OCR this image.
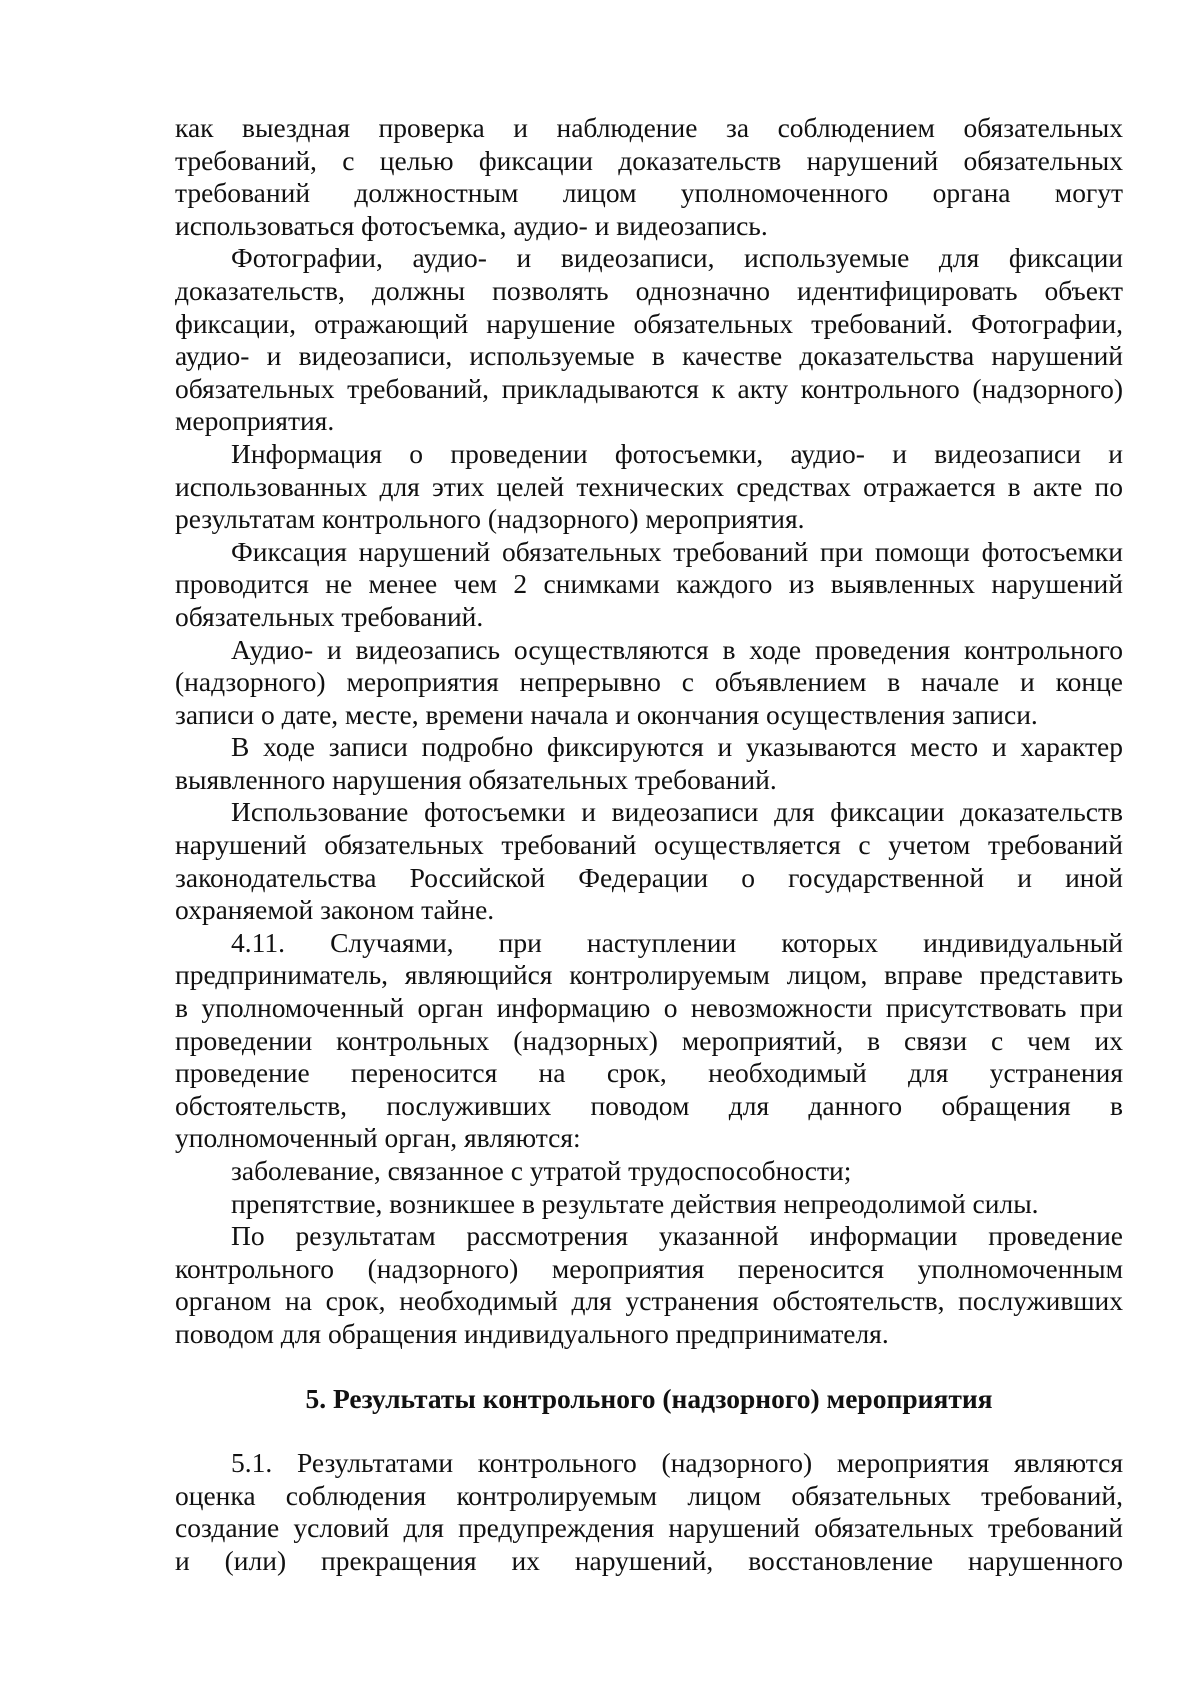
как выездная проверка и наблюдение за соблюдением обязательных
требований, с целью фиксации доказательств нарушений обязательных
требований должностным лицом уполномоченного органа могут
использоваться фотосъемка, аудио- и видеозапись.
Фотографии, аудио- и видеозаписи, используемые для фиксации
доказательств, должны позволять однозначно идентифицировать объект
фиксации, отражающий нарушение обязательных требований. Фотографии,
аудио- и видеозаписи, используемые в качестве доказательства нарушений
обязательных требований, прикладываются к акту контрольного (надзорного)
мероприятия.
Информация о проведении фотосъемки, аудио- и видеозаписи и
использованных для этих целей технических средствах отражается в акте по
результатам контрольного (надзорного) мероприятия.
Фиксация нарушений обязательных требований при помощи фотосъемки
проводится не менее чем 2 снимками каждого из выявленных нарушений
обязательных требований.
Аудио- и видеозапись осуществляются в ходе проведения контрольного
(надзорного) мероприятия непрерывно с объявлением в начале и конце
записи о дате, месте, времени начала и окончания осуществления записи.
В ходе записи подробно фиксируются и указываются место и характер
выявленного нарушения обязательных требований.
Использование фотосъемки и видеозаписи для фиксации доказательств
нарушений обязательных требований осуществляется с учетом требований
законодательства Российской Федерации о государственной и иной
охраняемой законом тайне.
4.11. Случаями, при наступлении которых индивидуальный
предприниматель, являющийся контролируемым лицом, вправе представить
в уполномоченный орган информацию о невозможности присутствовать при
проведении контрольных (надзорных) мероприятий, в связи с чем их
проведение переносится на срок, необходимый для устранения
обстоятельств, послуживших поводом для данного обращения в
уполномоченный орган, являются:
заболевание, связанное с утратой трудоспособности;
препятствие, возникшее в результате действия непреодолимой силы.
По результатам рассмотрения указанной информации проведение
контрольного (надзорного) мероприятия переносится уполномоченным
органом на срок, необходимый для устранения обстоятельств, послуживших
поводом для обращения индивидуального предпринимателя.
5. Результаты контрольного (надзорного) мероприятия
5.1. Результатами контрольного (надзорного) мероприятия являются
оценка соблюдения контролируемым лицом обязательных требований,
создание условий для предупреждения нарушений обязательных требований
и (или) прекращения их нарушений, восстановление нарушенного
